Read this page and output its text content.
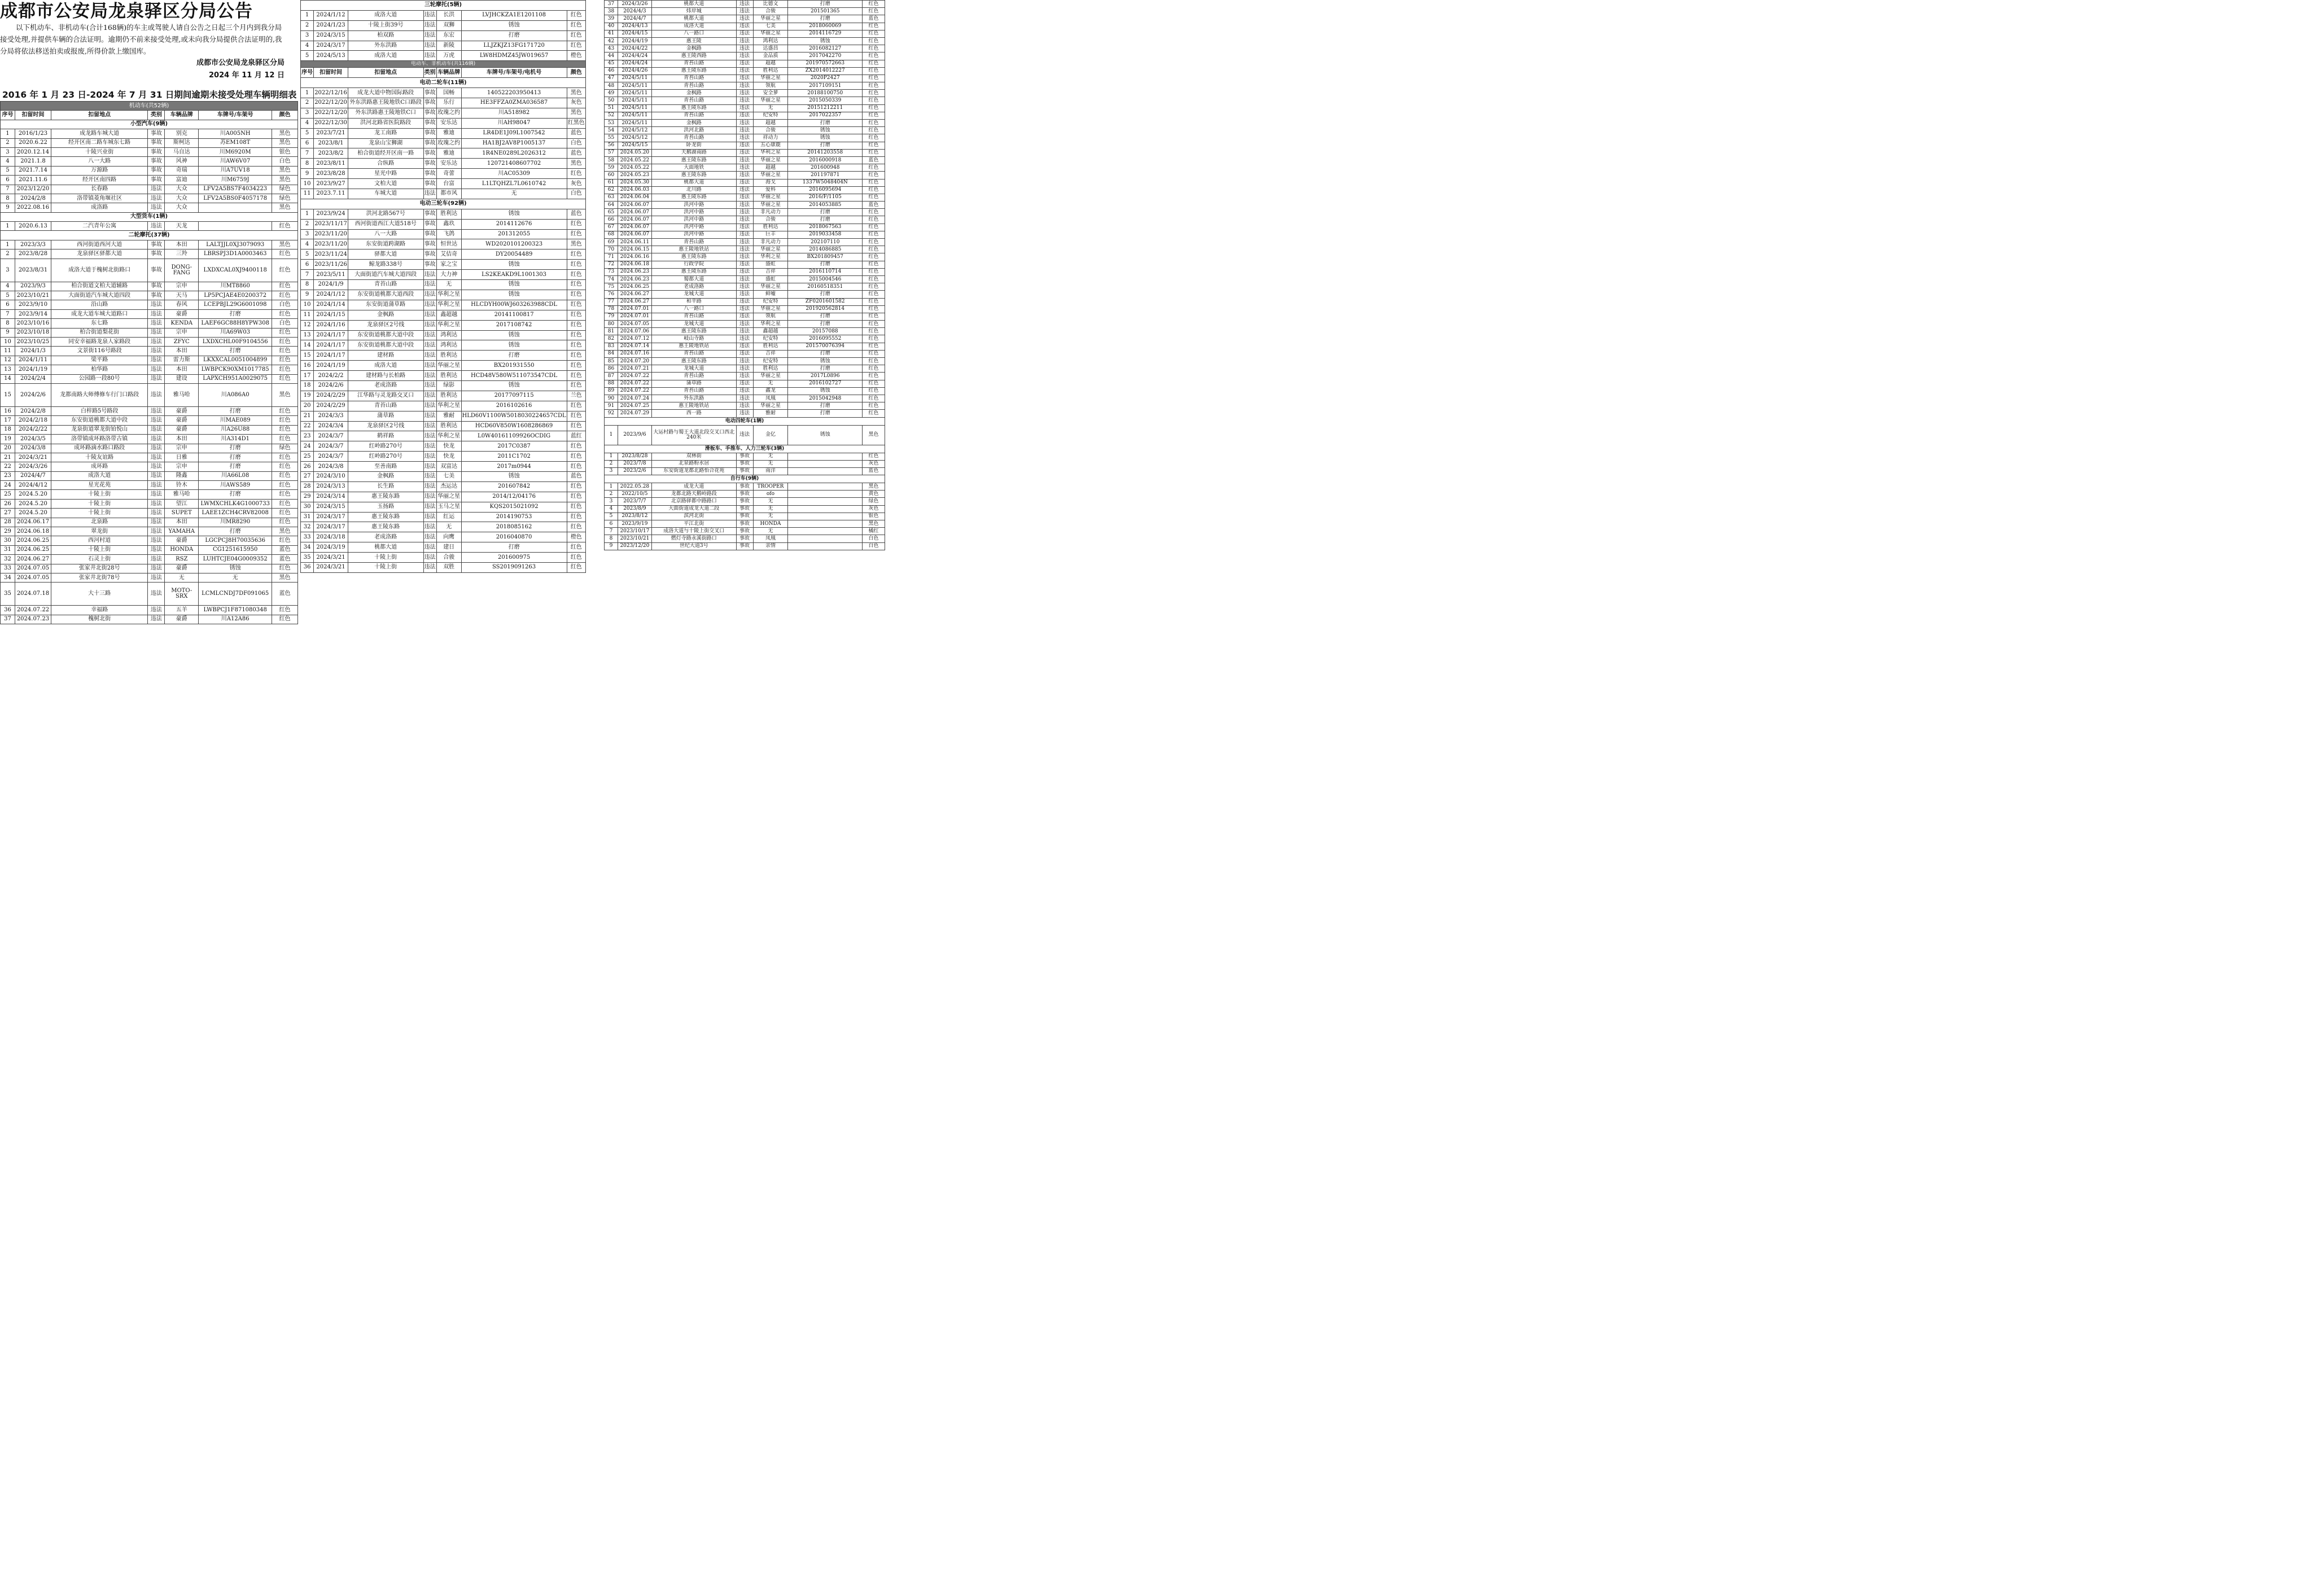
成都市公安局龙泉驿区分局公告
以下机动车、非机动车(合计168辆)的车主或驾驶人请自公告之日起三个月内到我分局接受处理,并提供车辆的合法证明。逾期仍不前来接受处理,或未向我分局提供合法证明的,我分局将依法移送拍卖或报废,所得价款上缴国库。
成都市公安局龙泉驿区分局
2024 年 11 月 12 日
2016 年 1 月 23 日-2024 年 7 月 31 日期间逾期未接受处理车辆明细表
机动车(共52辆)						
序号	扣留时间	扣留地点	类别	车辆品牌	车牌号/车架号	颜色
小型汽车(9辆)						
1	2016/1/23	成龙路车城大道	事故	别克	川A005NH	黑色
2	2020.6.22	经开区南二路车城东七路	事故	斯柯达	苏EM108T	黑色
3	2020.12.14	十陵兴业街	事故	马自达	川M6920M	银色
4	2021.1.8	八一大路	事故	风神	川AW6V07	白色
5	2021.7.14	万源路	事故	奇瑞	川A7UV18	黑色
6	2021.11.6	经开区南四路	事故	富迪	川M6759J	黑色
7	2023/12/20	长春路	违法	大众	LFV2A5BS7F4034223	绿色
8	2024/2/8	洛带镇菱角堰社区	违法	大众	LFV2A5BS0F4057178	绿色
9	2022.08.16	成洛路	违法	大众		黑色
大型货车(1辆)						
1	2020.6.13	二汽青年公寓	违法	天龙		红色
二轮摩托(37辆)						
1	2023/3/3	西河街道西河大道	事故	本田	LALTJJL0XJ3079093	黑色
2	2023/8/28	龙泉驿区驿都大道	事故	三羚	LBRSPJ3D1A0003463	红色
3	2023/8/31	成洛大道于槐树北街路口	事故	DONG-FANG	LXDXCAL0XJ9400118	红色
4	2023/9/3	柏合街道文柏大道辅路	事故	宗申	川MT8860	红色
5	2023/10/21	大面街道汽车城大道四段	事故	天马	LP5PCJAE4E0200372	红色
6	2023/9/10	沿山路	违法	春风	LCEPBJL29G6001098	白色
7	2023/9/14	成龙大道车城大道路口	违法	豪爵	打磨	红色
8	2023/10/16	东七路	违法	KENDA	LAEF6GC88H8YPW308	白色
9	2023/10/18	柏合街道梨花街	违法	宗申	川A69W03	红色
10	2023/10/25	同安幸福路龙泉人家路段	违法	ZFYC	LXDXCHL00F9104556	红色
11	2024/1/3	文景街116号路段	违法	本田	打磨	红色
12	2024/1/11	梁平路	违法	雷力斯	LKXXCAL0051004899	红色
13	2024/1/19	柏华路	违法	本田	LWBPCK90XM1017785	红色
14	2024/2/4	公园路一段80号	违法	建设	LAPXCH951A0029075	红色
15	2024/2/6	龙都南路大师傅修车行门口路段	违法	雅马哈	川A086A0	黑色
16	2024/2/8	白梓路5号路段	违法	豪爵	打磨	红色
17	2024/2/18	东安街道桃都大道中段	违法	豪爵	川MAE089	红色
18	2024/2/22	龙泉街道翠龙街铂悦山	违法	豪爵	川A26U88	红色
19	2024/3/5	洛带镇成环路洛带古镇	违法	本田	川A314D1	红色
20	2024/3/8	成环路滴水路口路段	违法	宗申	打磨	绿色
21	2024/3/21	十陵友谊路	违法	日雅	打磨	红色
22	2024/3/26	成环路	违法	宗申	打磨	红色
23	2024/4/7	成洛大道	违法	隆鑫	川A66L08	红色
24	2024/4/12	星光花苑	违法	铃木	川AWS589	红色
25	2024.5.20	十陵上街	违法	雅马哈	打磨	红色
26	2024.5.20	十陵上街	违法	望江	LWMXCHLK4G1000733	红色
27	2024.5.20	十陵上街	违法	SUPET	LAEE1ZCH4CRV82008	红色
28	2024.06.17	北泉路	违法	本田	川MR8290	红色
29	2024.06.18	翠龙街	违法	YAMAHA	打磨	黑色
30	2024.06.25	西河村道	违法	豪爵	LGCPCJ8H70035636	红色
31	2024.06.25	十陵上街	违法	HONDA	CG1251615950	蓝色
32	2024.06.27	石灵上街	违法	RSZ	LUHTCJE04G0009352	蓝色
33	2024.07.05	张家井北街28号	违法	豪爵	锈蚀	红色
34	2024.07.05	张家井北街78号	违法	无	无	黑色
35	2024.07.18	大十三路	违法	MOTO-SRX	LCMLCNDJ7DF091065	蓝色
36	2024.07.22	幸福路	违法	五羊	LWBPCJ1F871080348	红色
37	2024.07.23	槐树北街	违法	豪爵	川A12A86	红色
三轮摩托(5辆)						
1	2024/1/12	成洛大道	违法	长洪	LVJHCKZA1E1201108	红色
2	2024/1/23	十陵上街39号	违法	双狮	锈蚀	红色
3	2024/3/15	柏双路	违法	东宏	打磨	红色
4	2024/3/17	外东洪路	违法	新陵	LLJZKJZ13FG171720	红色
5	2024/5/13	成洛大道	违法	万虎	LW8HDMZ45JW019657	橙色
电动车、非机动车(共116辆)						
序号	扣留时间	扣留地点	类别	车辆品牌	车牌号/车架号/电机号	颜色
电动二轮车(11辆)						
1	2022/12/16	成龙大道中物国际路段	事故	国畅	140522203950413	黑色
2	2022/12/20	外东洪路惠王陵地铁C口路段	事故	乐行	HE3FFZA0ZMA036587	灰色
3	2022/12/20	外东洪路惠王陵地铁C口	事故	玫瑰之约	川A518982	黑色
4	2022/12/30	洪河北路省医院路段	事故	安乐达	川AH98047	红黑色
5	2023/7/21	龙工南路	事故	雅迪	LR4DE1J09L1007542	蓝色
6	2023/8/1	龙泉山宝狮湖	事故	玫瑰之约	HA1BJ2AV8P1005137	白色
7	2023/8/2	柏合街道经开区南一路	事故	雅迪	1R4NE0289L2026312	蓝色
8	2023/8/11	合纵路	事故	安乐达	120721408607702	黑色
9	2023/8/28	星光中路	事故	奇蕾	川AC05309	红色
10	2023/9/27	文柏大道	事故	台富	L1LTQHZL7L0610742	灰色
11	2023.7.11	车城大道	违法	都市风	无	白色
电动三轮车(92辆)						
1	2023/9/24	洪河北路567号	事故	胜利达	锈蚀	蓝色
2	2023/11/17	西河街道西江大道518号	事故	鑫玖	2014112676	红色
3	2023/11/20	八一大路	事故	飞鸽	201312055	红色
4	2023/11/20	东安街道跨湖路	事故	恒世达	WD2020101200323	黑色
5	2023/11/24	驿都大道	事故	艾佶奇	DY20054489	红色
6	2023/11/26	鲸龙路338号	事故	家之宝	锈蚀	红色
7	2023/5/11	大面街道汽车城大道四段	违法	大力神	LS2KEAKD9L1001303	红色
8	2024/1/9	青苔山路	违法	无	锈蚀	红色
9	2024/1/12	东安街道桃都大道西段	违法	华利之星	锈蚀	红色
10	2024/1/14	东安街道蒲草路	违法	华利之星	HLCDYH00WJ603263988CDL	红色
11	2024/1/15	金枫路	违法	鑫超越	20141100817	红色
12	2024/1/16	龙泉驿区2号线	违法	华利之星	2017108742	红色
13	2024/1/17	东安街道桃都大道中段	违法	鸿利达	锈蚀	红色
14	2024/1/17	东安街道桃都大道中段	违法	鸿利达	锈蚀	红色
15	2024/1/17	建材路	违法	胜利达	打磨	红色
16	2024/1/19	成洛大道	违法	华丽之星	BX201931550	红色
17	2024/2/2	建材路与长柏路	违法	胜利达	HCD48V580W511073547CDL	红色
18	2024/2/6	老成洛路	违法	绿影	锈蚀	红色
19	2024/2/29	江华路与灵龙路交叉口	违法	胜利达	20177097115	兰色
20	2024/2/29	青苔山路	违法	华利之星	2016102616	红色
21	2024/3/3	蒲草路	违法	雅耐	HLD60V1100W5018030224657CDL	红色
22	2024/3/4	龙泉驿区2号线	违法	胜利达	HCD60V850W1608286869	红色
23	2024/3/7	鹤祥路	违法	华利之星	L0W40161109926OCDIG	蓝红
24	2024/3/7	红岭路270号	违法	快龙	2017C0387	红色
25	2024/3/7	红岭路270号	违法	快龙	2011C1702	红色
26	2024/3/8	至善南路	违法	双富达	2017m0944	红色
27	2024/3/10	金枫路	违法	七美	锈蚀	蓝色
28	2024/3/13	长生路	违法	杰运达	201607842	红色
29	2024/3/14	惠王陵东路	违法	华丽之星	2014/12/04176	红色
30	2024/3/15	玉扬路	违法	玉马之星	KQS2015021092	红色
31	2024/3/17	惠王陵东路	违法	红运	2014190753	红色
32	2024/3/17	惠王陵东路	违法	无	2018085162	红色
33	2024/3/18	老成洛路	违法	向鹰	2016040870	橙色
34	2024/3/19	桃都大道	违法	建日	打磨	红色
35	2024/3/21	十陵上街	违法	合骏	201600975	红色
36	2024/3/21	十陵上街	违法	双胜	SS2019091263	红色
37	2024/3/26	桃都大道	违法	比德文	打磨	红色
38	2024/4/3	炜岸城	违法	合骏	201501365	红色
39	2024/4/7	桃都大道	违法	华丽之星	打磨	蓝色
40	2024/4/13	成洛大道	违法	七美	2018060069	红色
41	2024/4/15	八一路口	违法	华丽之星	2014116729	红色
42	2024/4/19	惠王陵	违法	鸿利达	锈蚀	红色
43	2024/4/22	金枫路	违法	达盛昌	2016082127	红色
44	2024/4/24	惠王陵西路	违法	金品质	2017042270	红色
45	2024/4/24	青苔山路	违法	超越	201970572663	红色
46	2024/4/26	惠王陵东路	违法	胜利达	ZX2014012227	红色
47	2024/5/11	青苔山路	违法	华丽之星	2020P2427	红色
48	2024/5/11	青苔山路	违法	领航	2017109151	红色
49	2024/5/11	金枫路	违法	安全萝	20188100750	红色
50	2024/5/11	青苔山路	违法	华丽之星	2015050339	红色
51	2024/5/11	惠王陵东路	违法	无	20151212211	红色
52	2024/5/11	青苔山路	违法	纪安特	2017022357	红色
53	2024/5/11	金枫路	违法	超越	打磨	红色
54	2024/5/12	洪河北路	违法	合骏	锈蚀	红色
55	2024/5/12	青苔山路	违法	祥动力	锈蚀	红色
56	2024/5/15	卧龙街	违法	五心康鹿	打磨	红色
57	2024.05.20	天鹅湖南路	违法	华利之星	20141203558	红色
58	2024.05.22	惠王陵东路	违法	华丽之星	2016000918	蓝色
59	2024.05.22	大面地铁	违法	超越	201600948	红色
60	2024.05.23	惠王陵东路	违法	华丽之星	201197871	红色
61	2024.05.30	桃都大道	违法	海戈	1337W5048404N	红色
62	2024.06.03	北川路	违法	爱科	2016095694	红色
63	2024.06.04	惠王陵东路	违法	华丽之星	2016/F/1105	红色
64	2024.06.07	洪河中路	违法	华丽之星	2014053885	蓝色
65	2024.06.07	洪河中路	违法	非凡动力	打磨	红色
66	2024.06.07	洪河中路	违法	合骏	打磨	红色
67	2024.06.07	洪河中路	违法	胜利达	2018067563	红色
68	2024.06.07	洪河中路	违法	巨丰	2019033458	红色
69	2024.06.11	青苔山路	违法	非凡动力	202107110	红色
70	2024.06.15	惠王陵地铁站	违法	华丽之星	2014086885	红色
71	2024.06.16	惠王陵东路	违法	华利之星	BX201809457	红色
72	2024.06.18	行政学院	违法	盛虹	打磨	红色
73	2024.06.23	惠王陵东路	违法	吉祥	2016110714	红色
74	2024.06.23	蜀都大道	违法	盛虹	2015004546	红色
75	2024.06.25	老成洛路	违法	华丽之星	20160518351	红色
76	2024.06.27	龙城大道	违法	鲜嘘	打磨	红色
77	2024.06.27	和平路	违法	纪安特	ZF0201601582	红色
78	2024.07.01	八一路口	违法	华丽之星	201920562814	红色
79	2024.07.01	青苔山路	违法	领航	打磨	红色
80	2024.07.05	龙城大道	违法	华利之星	打磨	红色
81	2024.07.06	惠王陵东路	违法	鑫超越	20157088	红色
82	2024.07.12	岐山寺路	违法	纪安特	2016095552	红色
83	2024.07.14	惠王陵地铁站	违法	胜利达	201570076394	红色
84	2024.07.16	青苔山路	违法	吉祥	打磨	红色
85	2024.07.20	惠王陵东路	违法	纪安特	锈蚀	红色
86	2024.07.21	龙城大道	违法	胜利达	打磨	红色
87	2024.07.22	青苔山路	违法	华丽之星	2017L0896	红色
88	2024.07.22	蒲草路	违法	无	2016102727	红色
89	2024.07.22	青苔山路	违法	鑫龙	锈蚀	红色
90	2024.07.24	外东洪路	违法	凤凰	2015042948	红色
91	2024.07.25	惠王陵地铁站	违法	华丽之星	打磨	红色
92	2024.07.29	西一路	违法	雅耐	打磨	红色
电动四轮车(1辆)						
1	2023/9/6	大运村路与蜀王大道北段交叉口西北240米	违法	金亿	锈蚀	黑色
滑板车、手推车、人力三轮车(3辆)						
1	2023/8/28	双林街	事故	无		红色
2	2023/7/8	北泉路粉水居	事故	无		灰色
3	2023/2/6	东安街道龙都北路怡合花苑	事故	南洋		蓝色
自行车(9辆)						
1	2022.05.28	成龙大道	事故	TROOPER		黑色
2	2022/10/5	龙都北路天鹅岭路段	事故	ofo		黄色
3	2023/7/7	北京路驿都中路路口	事故	无		绿色
4	2023/8/9	大面街道成龙大道二段	事故	无		灰色
5	2023/8/12	滨河北街	事故	无		银色
6	2023/9/19	平江北街	事故	HONDA		黑色
7	2023/10/17	成洛大道与十陵上街交叉口	事故	无		橘红
8	2023/10/21	燃灯寺路永溪街路口	事故	凤凰		白色
9	2023/12/20	世纪大道3号	事故	亲情		白色
